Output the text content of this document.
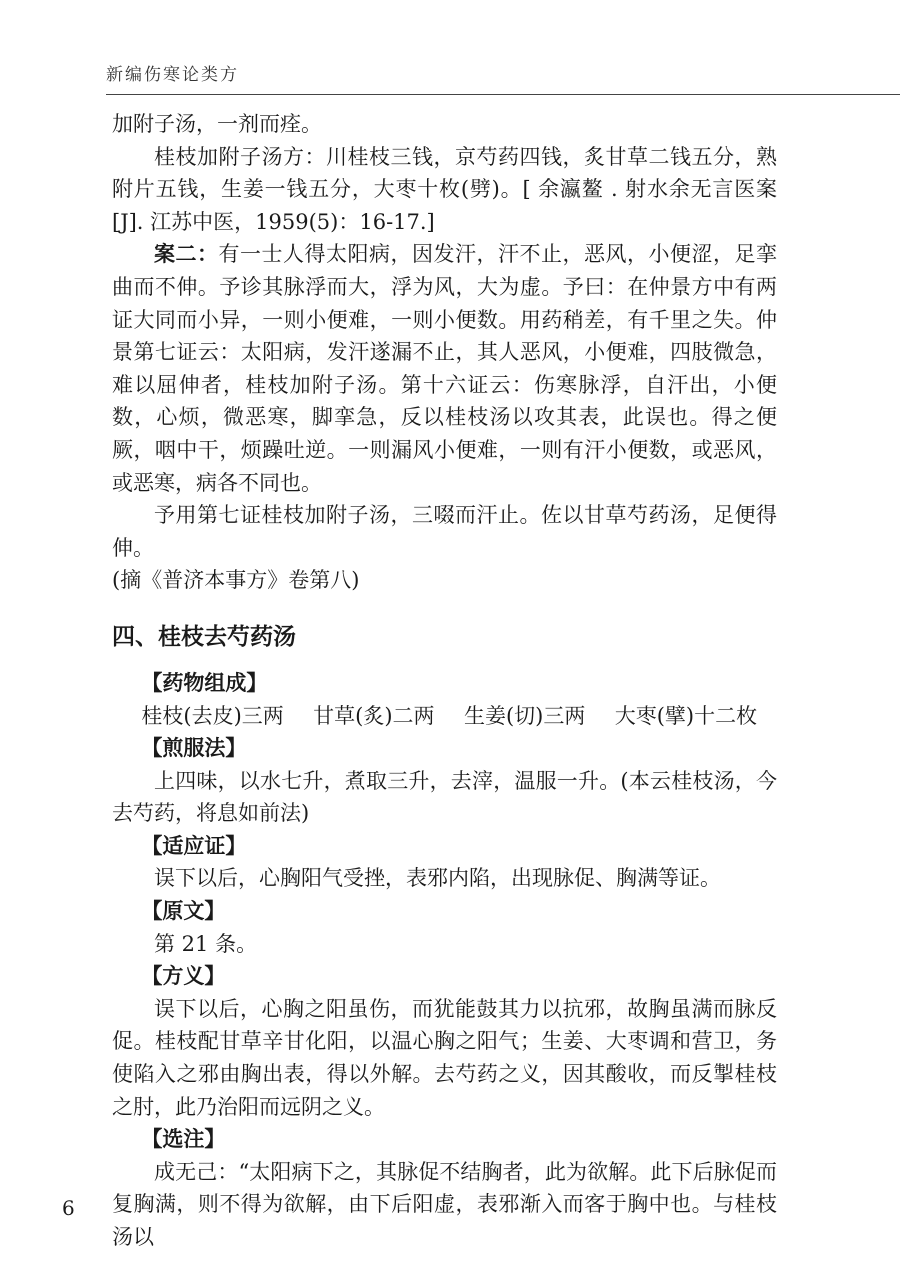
新编伤寒论类方

加附子汤，一剂而痊。

桂枝加附子汤方：川桂枝三钱，京芍药四钱，炙甘草二钱五分，熟附片五钱，生姜一钱五分，大枣十枚(劈)。[ 余瀛鳌 . 射水余无言医案 [J]. 江苏中医，1959(5)：16-17.]

案二：有一士人得太阳病，因发汗，汗不止，恶风，小便涩，足挛曲而不伸。予诊其脉浮而大，浮为风，大为虚。予曰：在仲景方中有两证大同而小异，一则小便难，一则小便数。用药稍差，有千里之失。仲景第七证云：太阳病，发汗遂漏不止，其人恶风，小便难，四肢微急，难以屈伸者，桂枝加附子汤。第十六证云：伤寒脉浮，自汗出，小便数，心烦，微恶寒，脚挛急，反以桂枝汤以攻其表，此误也。得之便厥，咽中干，烦躁吐逆。一则漏风小便难，一则有汗小便数，或恶风，或恶寒，病各不同也。

予用第七证桂枝加附子汤，三啜而汗止。佐以甘草芍药汤，足便得伸。

(摘《普济本事方》卷第八)

四、桂枝去芍药汤

【药物组成】

桂枝(去皮)三两 甘草(炙)二两 生姜(切)三两 大枣(擘)十二枚

【煎服法】

上四味，以水七升，煮取三升，去滓，温服一升。(本云桂枝汤，今去芍药，将息如前法)

【适应证】

误下以后，心胸阳气受挫，表邪内陷，出现脉促、胸满等证。

【原文】

第 21 条。

【方义】

误下以后，心胸之阳虽伤，而犹能鼓其力以抗邪，故胸虽满而脉反促。桂枝配甘草辛甘化阳，以温心胸之阳气；生姜、大枣调和营卫，务使陷入之邪由胸出表，得以外解。去芍药之义，因其酸收，而反掣桂枝之肘，此乃治阳而远阴之义。

【选注】

成无己：“太阳病下之，其脉促不结胸者，此为欲解。此下后脉促而复胸满，则不得为欲解，由下后阳虚，表邪渐入而客于胸中也。与桂枝汤以

6
